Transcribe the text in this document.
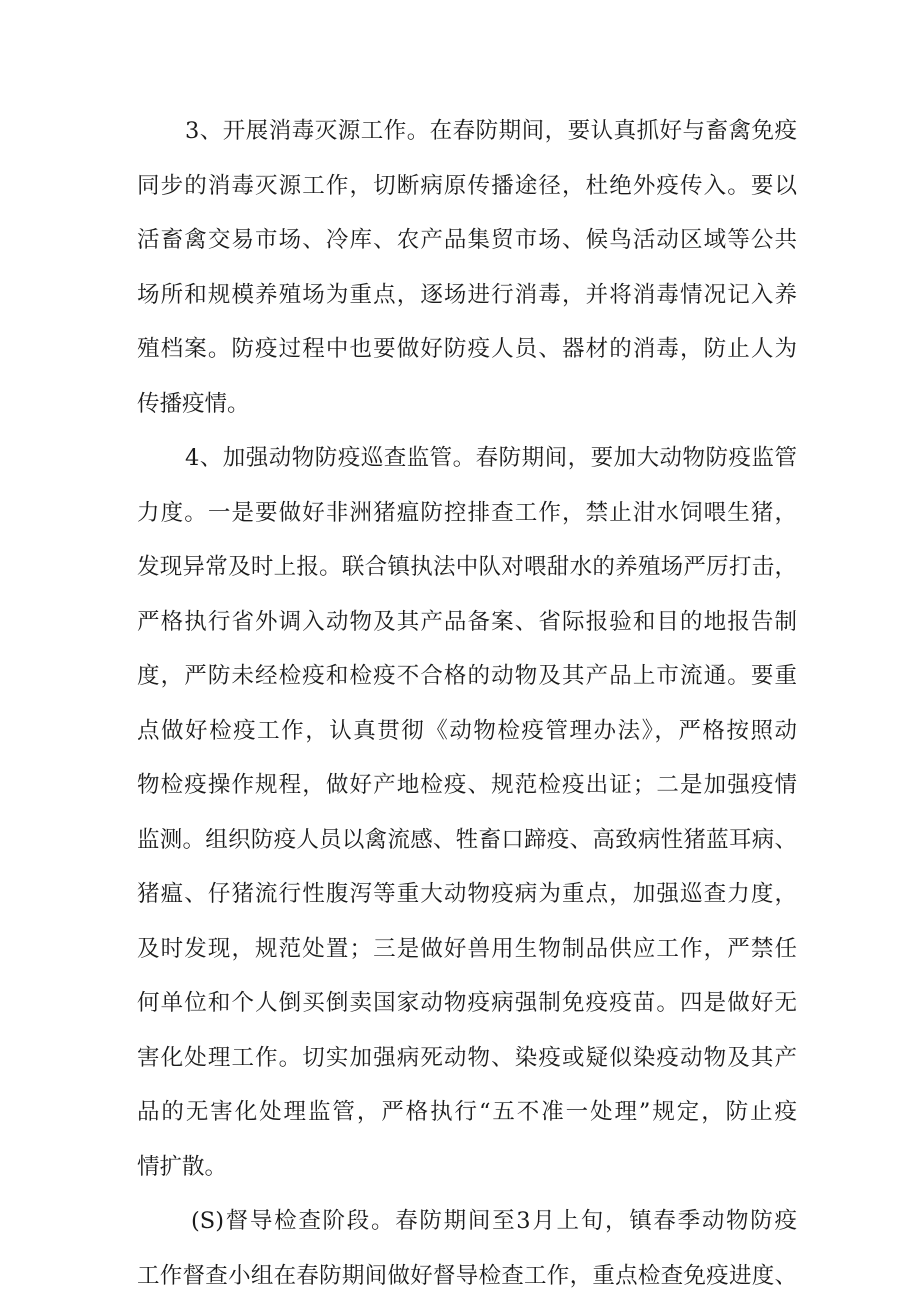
3、开展消毒灭源工作。在春防期间，要认真抓好与畜禽免疫
同步的消毒灭源工作，切断病原传播途径，杜绝外疫传入。要以
活畜禽交易市场、冷库、农产品集贸市场、候鸟活动区域等公共
场所和规模养殖场为重点，逐场进行消毒，并将消毒情况记入养
殖档案。防疫过程中也要做好防疫人员、器材的消毒，防止人为
传播疫情。
4、加强动物防疫巡查监管。春防期间，要加大动物防疫监管
力度。一是要做好非洲猪瘟防控排查工作，禁止泔水饲喂生猪，
发现异常及时上报。联合镇执法中队对喂甜水的养殖场严厉打击，
严格执行省外调入动物及其产品备案、省际报验和目的地报告制
度，严防未经检疫和检疫不合格的动物及其产品上市流通。要重
点做好检疫工作，认真贯彻《动物检疫管理办法》，严格按照动
物检疫操作规程，做好产地检疫、规范检疫出证；二是加强疫情
监测。组织防疫人员以禽流感、牲畜口蹄疫、高致病性猪蓝耳病、
猪瘟、仔猪流行性腹泻等重大动物疫病为重点，加强巡查力度，
及时发现，规范处置；三是做好兽用生物制品供应工作，严禁任
何单位和个人倒买倒卖国家动物疫病强制免疫疫苗。四是做好无
害化处理工作。切实加强病死动物、染疫或疑似染疫动物及其产
品的无害化处理监管，严格执行“五不准一处理”规定，防止疫
情扩散。
(S)督导检查阶段。春防期间至3月上旬，镇春季动物防疫
工作督查小组在春防期间做好督导检查工作，重点检查免疫进度、
